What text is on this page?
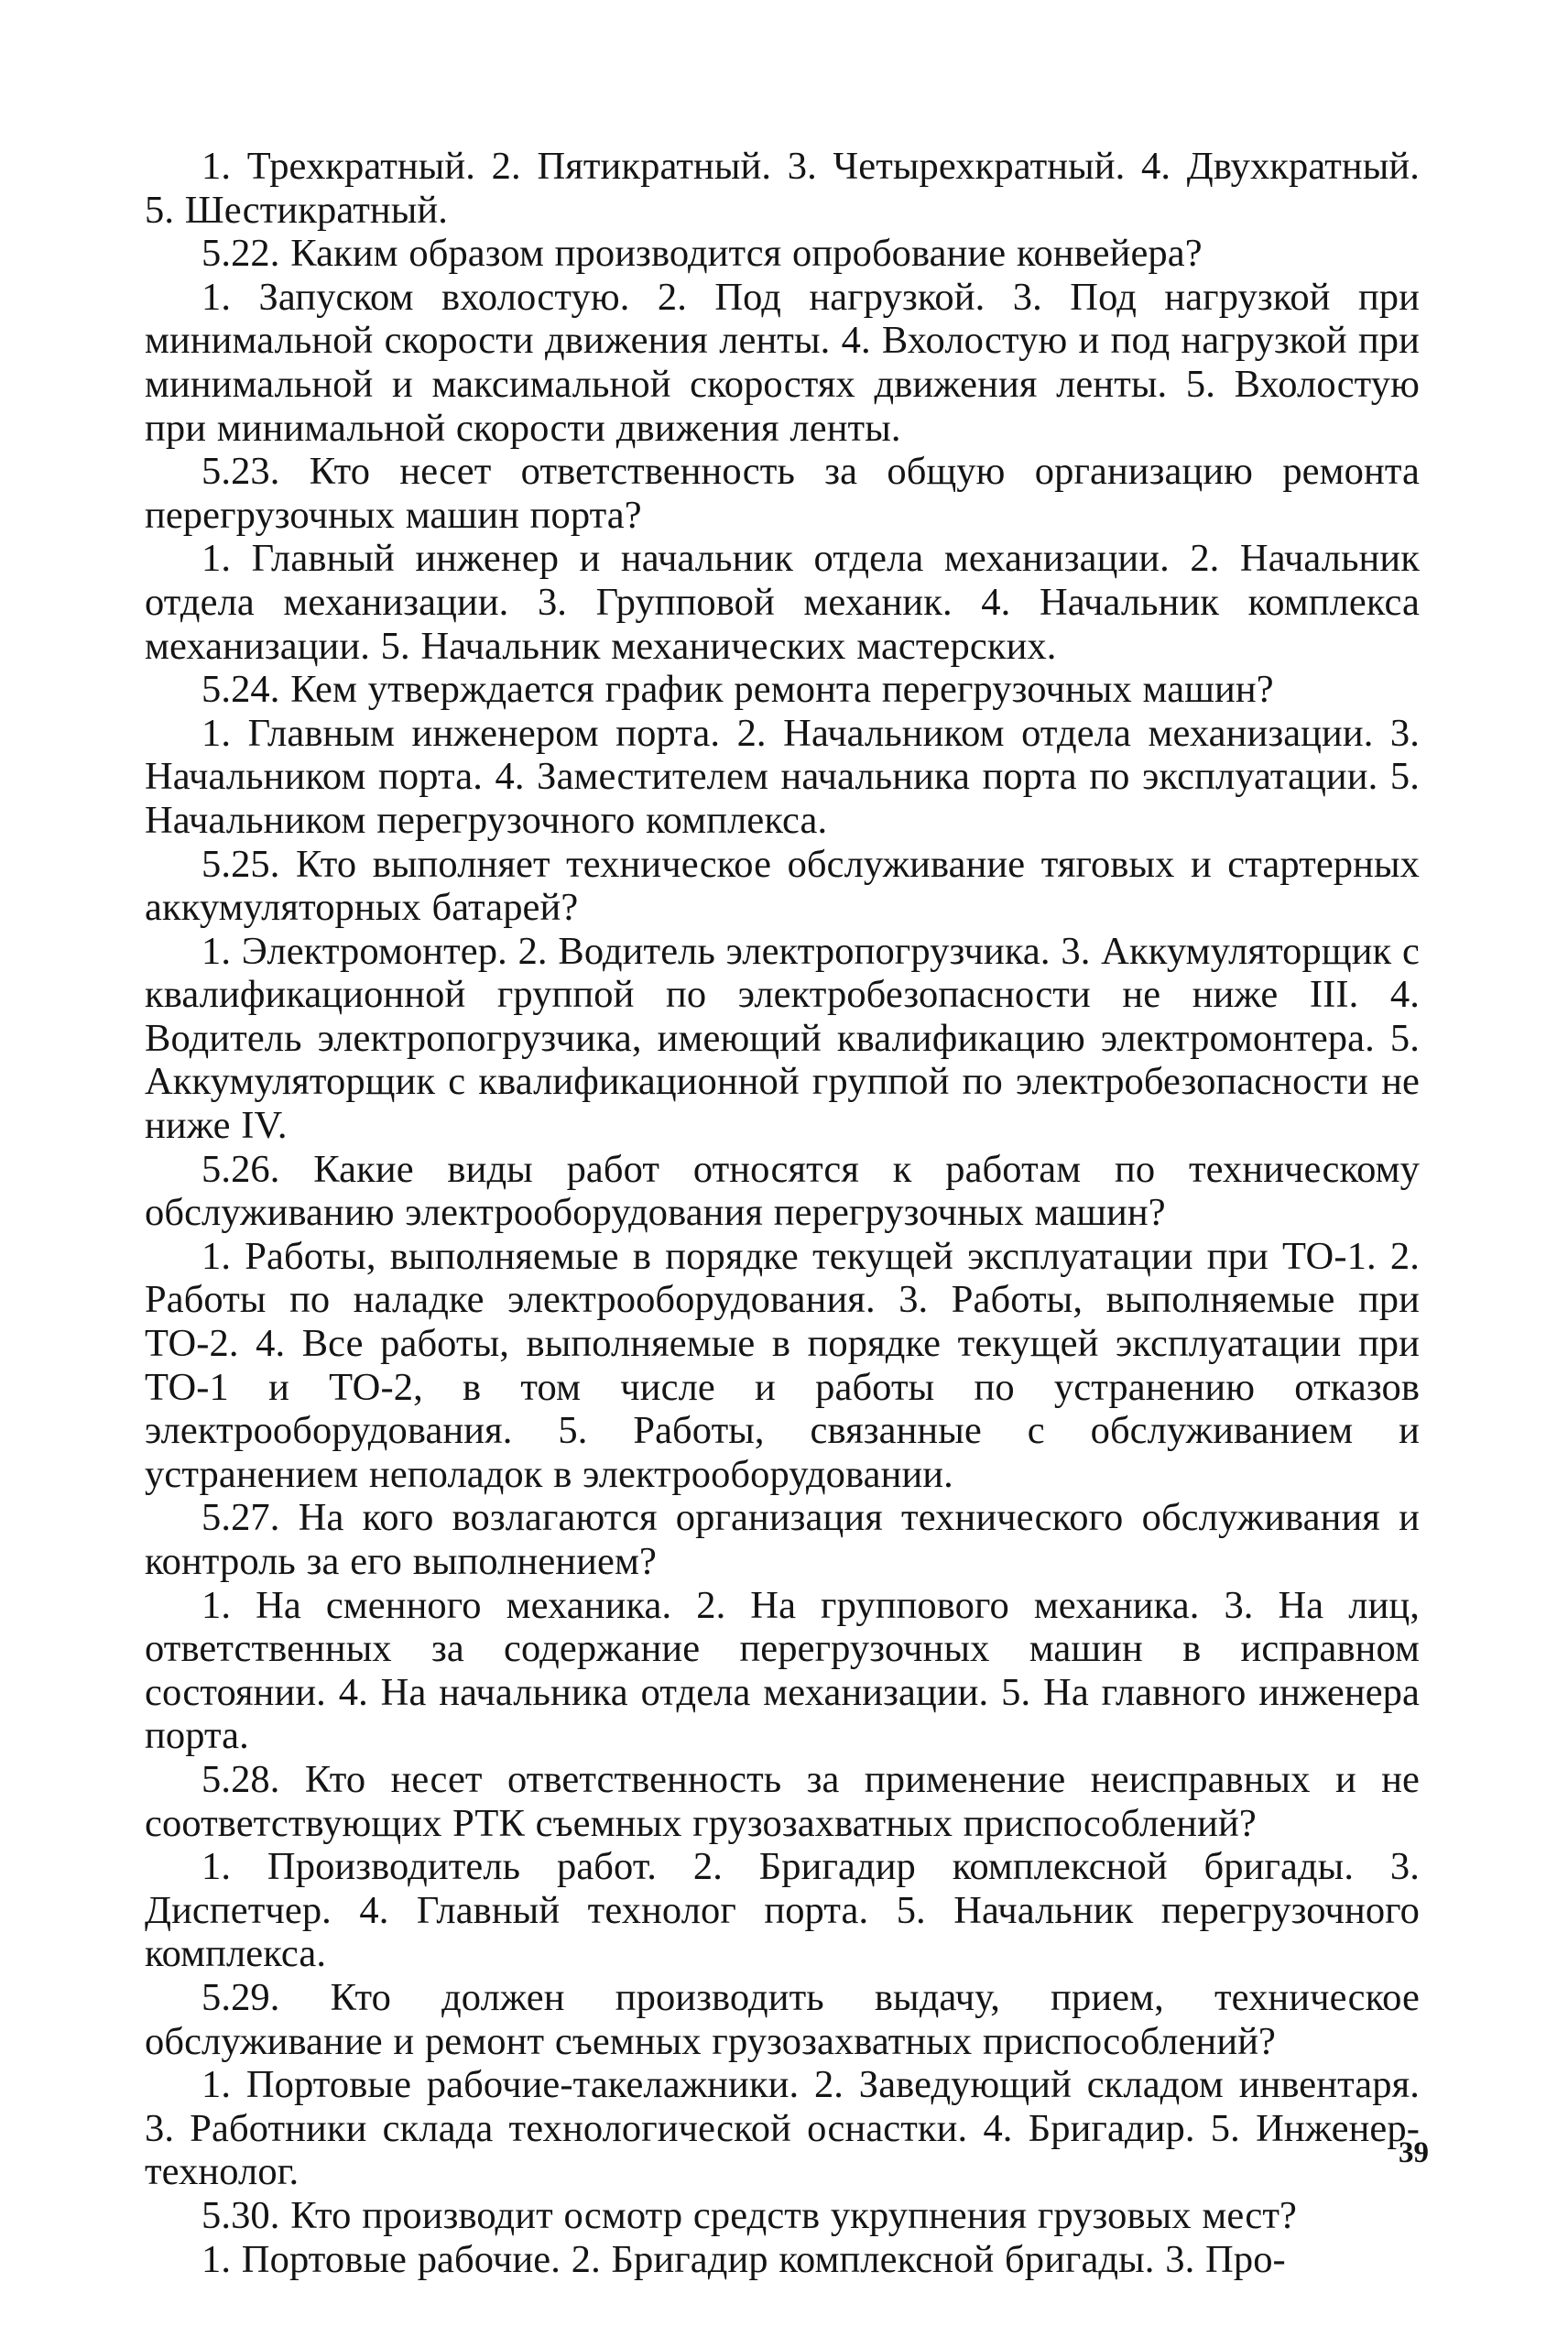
1. Трехкратный. 2. Пятикратный. 3. Четырехкратный. 4. Двухкратный. 5. Шестикратный.

5.22. Каким образом производится опробование конвейера?

1. Запуском вхолостую. 2. Под нагрузкой. 3. Под нагрузкой при минимальной скорости движения ленты. 4. Вхолостую и под нагрузкой при минимальной и максимальной скоростях движения ленты. 5. Вхолостую при минимальной скорости движения ленты.

5.23. Кто несет ответственность за общую организацию ремонта перегрузочных машин порта?

1. Главный инженер и начальник отдела механизации. 2. Начальник отдела механизации. 3. Групповой механик. 4. Начальник комплекса механизации. 5. Начальник механических мастерских.

5.24. Кем утверждается график ремонта перегрузочных машин?

1. Главным инженером порта. 2. Начальником отдела механизации. 3. Начальником порта. 4. Заместителем начальника порта по эксплуатации. 5. Начальником перегрузочного комплекса.

5.25. Кто выполняет техническое обслуживание тяговых и стартерных аккумуляторных батарей?

1. Электромонтер. 2. Водитель электропогрузчика. 3. Аккумуляторщик с квалификационной группой по электробезопасности не ниже III. 4. Водитель электропогрузчика, имеющий квалификацию электромонтера. 5. Аккумуляторщик с квалификационной группой по электробезопасности не ниже IV.

5.26. Какие виды работ относятся к работам по техническому обслуживанию электрооборудования перегрузочных машин?

1. Работы, выполняемые в порядке текущей эксплуатации при ТО-1. 2. Работы по наладке электрооборудования. 3. Работы, выполняемые при ТО-2. 4. Все работы, выполняемые в порядке текущей эксплуатации при ТО-1 и ТО-2, в том числе и работы по устранению отказов электрооборудования. 5. Работы, связанные с обслуживанием и устранением неполадок в электрооборудовании.

5.27. На кого возлагаются организация технического обслуживания и контроль за его выполнением?

1. На сменного механика. 2. На группового механика. 3. На лиц, ответственных за содержание перегрузочных машин в исправном состоянии. 4. На начальника отдела механизации. 5. На главного инженера порта.

5.28. Кто несет ответственность за применение неисправных и не соответствующих РТК съемных грузозахватных приспособлений?

1. Производитель работ. 2. Бригадир комплексной бригады. 3. Диспетчер. 4. Главный технолог порта. 5. Начальник перегрузочного комплекса.

5.29. Кто должен производить выдачу, прием, техническое обслуживание и ремонт съемных грузозахватных приспособлений?

1. Портовые рабочие-такелажники. 2. Заведующий складом инвентаря. 3. Работники склада технологической оснастки. 4. Бригадир. 5. Инженер-технолог.

5.30. Кто производит осмотр средств укрупнения грузовых мест?

1. Портовые рабочие. 2. Бригадир комплексной бригады. 3. Про-

39
